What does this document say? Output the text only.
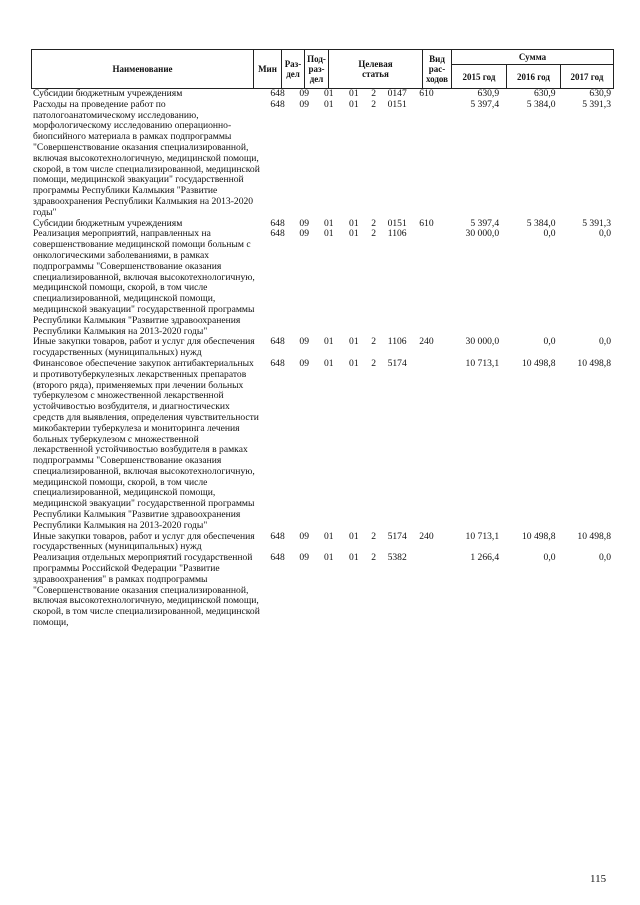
Наименование	Мин	Раз-
дел	Под-
раз-
дел	Целевая
статья	Вид
рас-
ходов	Сумма		
						2015 год	2016 год	2017 год
Субсидии бюджетным учреждениям	648	09	01	01	2	0147	610	630,9	630,9	630,9
Расходы на проведение работ по патологоанатомическому исследованию, морфологическому исследованию операционно-биопсийного материала в рамках подпрограммы "Совершенствование оказания специализированной, включая высокотехнологичную, медицинской помощи, скорой, в том числе специализированной, медицинской помощи, медицинской эвакуации" государственной программы Республики Калмыкия "Развитие здравоохранения Республики Калмыкия на 2013-2020 годы"	648	09	01	01	2	0151		5 397,4	5 384,0	5 391,3
Субсидии бюджетным учреждениям	648	09	01	01	2	0151	610	5 397,4	5 384,0	5 391,3
Реализация мероприятий, направленных на совершенствование медицинской помощи больным с онкологическими заболеваниями, в рамках подпрограммы "Совершенствование оказания специализированной, включая высокотехнологичную, медицинской помощи, скорой, в том числе специализированной, медицинской помощи, медицинской эвакуации" государственной программы Республики Калмыкия "Развитие здравоохранения Республики Калмыкия на 2013-2020 годы"	648	09	01	01	2	1106		30 000,0	0,0	0,0
Иные закупки товаров, работ и услуг для обеспечения государственных (муниципальных) нужд	648	09	01	01	2	1106	240	30 000,0	0,0	0,0
Финансовое обеспечение закупок антибактериальных и противотуберкулезных лекарственных препаратов (второго ряда), применяемых при лечении больных туберкулезом с множественной лекарственной устойчивостью возбудителя, и диагностических средств для выявления, определения чувствительности микобактерии туберкулеза и мониторинга лечения больных туберкулезом с множественной лекарственной устойчивостью возбудителя в рамках подпрограммы "Совершенствование оказания специализированной, включая высокотехнологичную, медицинской помощи, скорой, в том числе специализированной, медицинской помощи, медицинской эвакуации" государственной программы Республики Калмыкия "Развитие здравоохранения Республики Калмыкия на 2013-2020 годы"	648	09	01	01	2	5174		10 713,1	10 498,8	10 498,8
Иные закупки товаров, работ и услуг для обеспечения государственных (муниципальных) нужд	648	09	01	01	2	5174	240	10 713,1	10 498,8	10 498,8
Реализация отдельных мероприятий государственной программы Российской Федерации "Развитие здравоохранения" в рамках подпрограммы "Совершенствование оказания специализированной, включая высокотехнологичную, медицинской помощи, скорой, в том числе специализированной, медицинской помощи,	648	09	01	01	2	5382		1 266,4	0,0	0,0
115
